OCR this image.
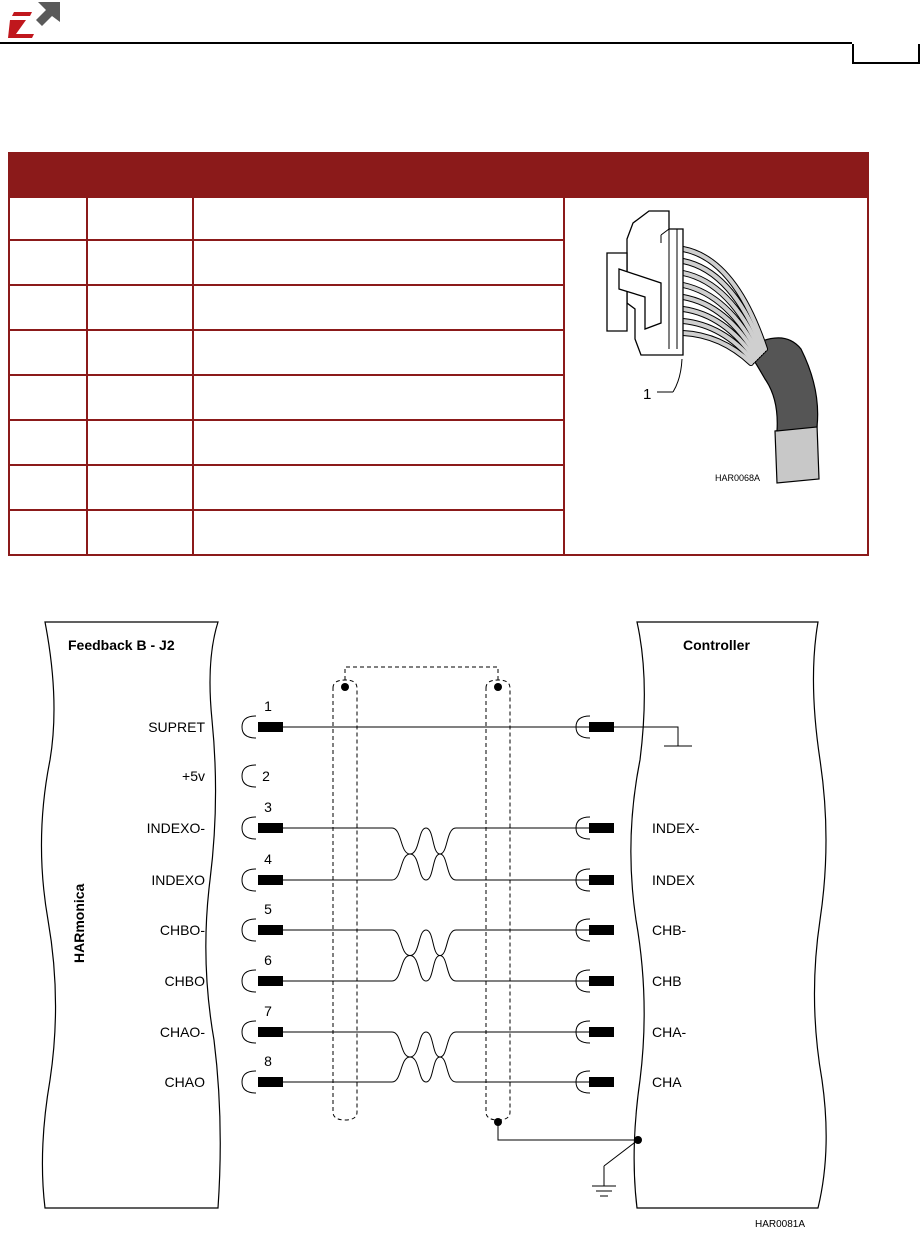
1
HAR0068A
Feedback B - J2	Controller
HARmonica
HAR0081A
SUPRET
1
+5v	2
INDEXO-
3
INDEX-
INDEXO
4
INDEX
CHBO-
5
CHB-
CHBO
6
CHB
CHAO-
7
CHA-
CHAO
8
CHA
